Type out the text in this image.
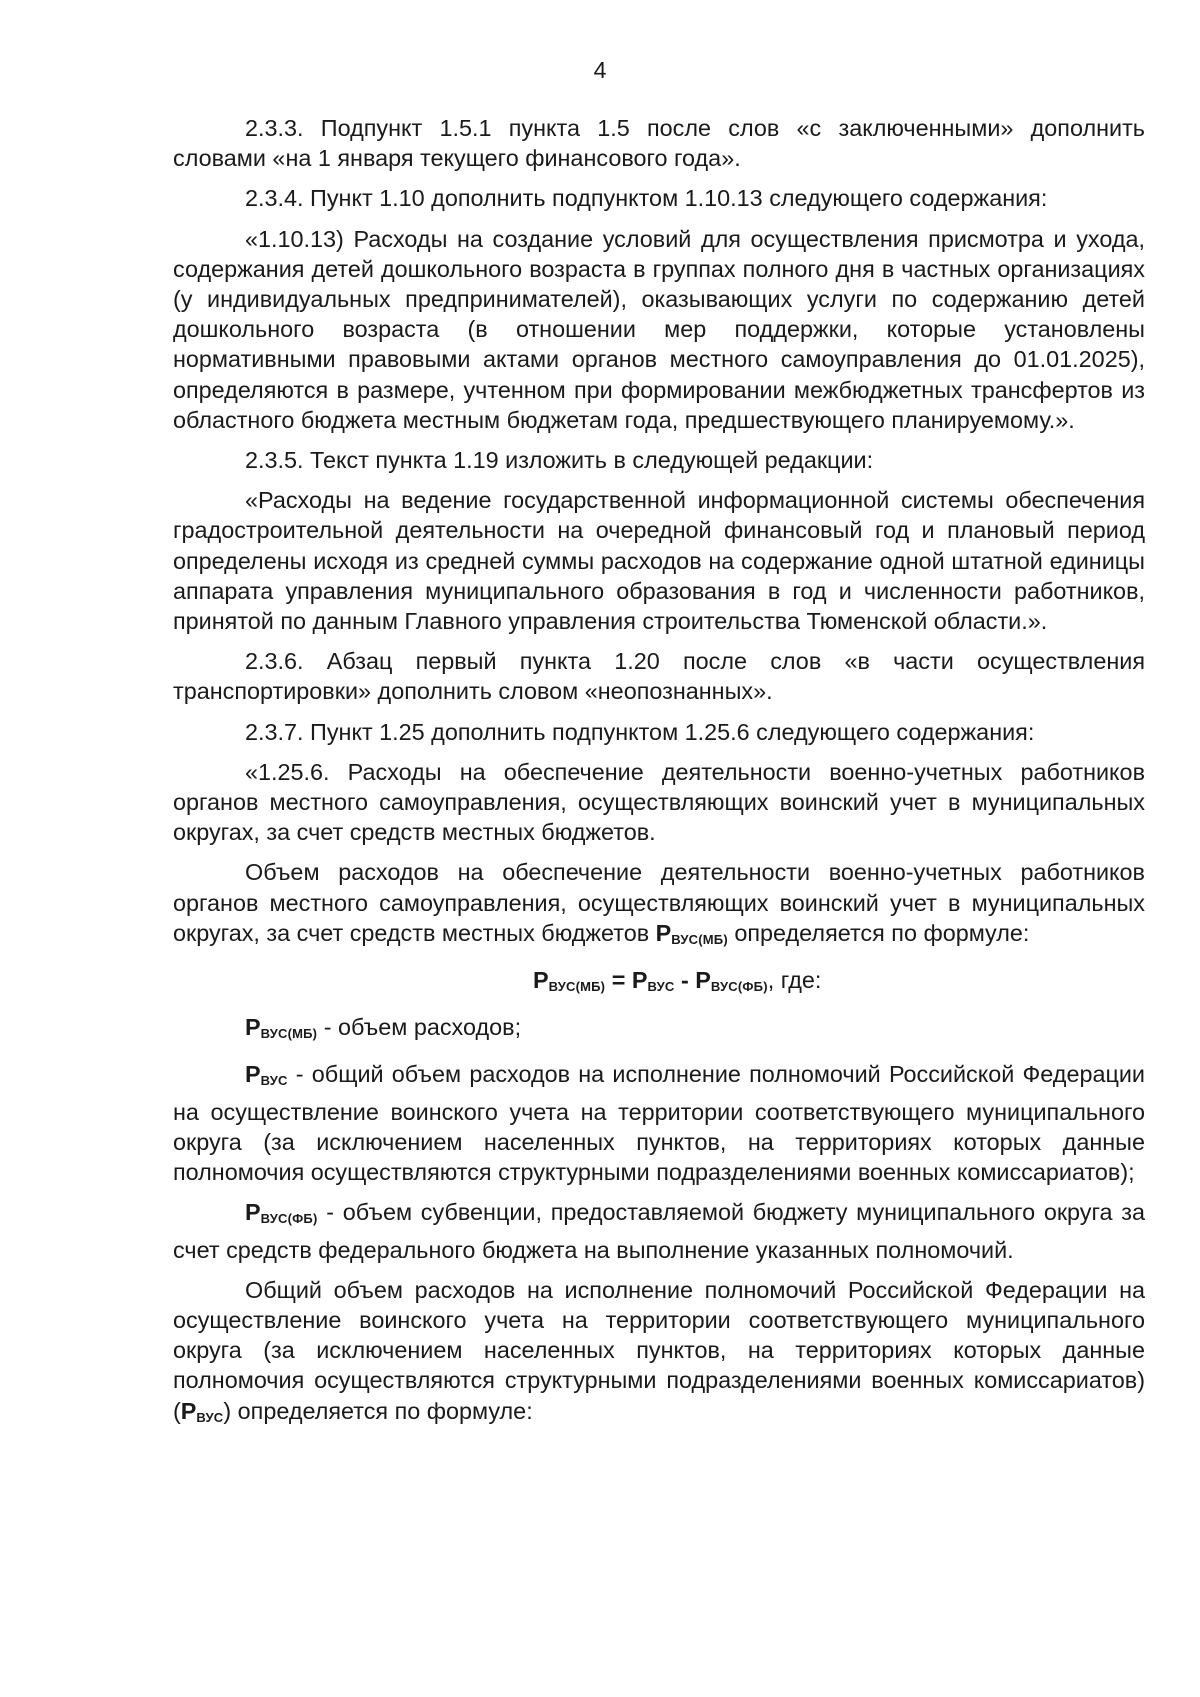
4

2.3.3. Подпункт 1.5.1 пункта 1.5 после слов «с заключенными» дополнить словами «на 1 января текущего финансового года».

2.3.4. Пункт 1.10 дополнить подпунктом 1.10.13 следующего содержания:

«1.10.13) Расходы на создание условий для осуществления присмотра и ухода, содержания детей дошкольного возраста в группах полного дня в частных организациях (у индивидуальных предпринимателей), оказывающих услуги по содержанию детей дошкольного возраста (в отношении мер поддержки, которые установлены нормативными правовыми актами органов местного самоуправления до 01.01.2025), определяются в размере, учтенном при формировании межбюджетных трансфертов из областного бюджета местным бюджетам года, предшествующего планируемому.».

2.3.5. Текст пункта 1.19 изложить в следующей редакции:

«Расходы на ведение государственной информационной системы обеспечения градостроительной деятельности на очередной финансовый год и плановый период определены исходя из средней суммы расходов на содержание одной штатной единицы аппарата управления муниципального образования в год и численности работников, принятой по данным Главного управления строительства Тюменской области.».

2.3.6. Абзац первый пункта 1.20 после слов «в части осуществления транспортировки» дополнить словом «неопознанных».

2.3.7. Пункт 1.25 дополнить подпунктом 1.25.6 следующего содержания:

«1.25.6. Расходы на обеспечение деятельности военно-учетных работников органов местного самоуправления, осуществляющих воинский учет в муниципальных округах, за счет средств местных бюджетов.

Объем расходов на обеспечение деятельности военно-учетных работников органов местного самоуправления, осуществляющих воинский учет в муниципальных округах, за счет средств местных бюджетов $Р_{ВУС(МБ)}$ определяется по формуле:

$Р_{ВУС(МБ)} = Р_{ВУС} - Р_{ВУС(ФБ)}$, где:

$Р_{ВУС(МБ)}$ - объем расходов;

$Р_{ВУС}$ - общий объем расходов на исполнение полномочий Российской Федерации на осуществление воинского учета на территории соответствующего муниципального округа (за исключением населенных пунктов, на территориях которых данные полномочия осуществляются структурными подразделениями военных комиссариатов);

$Р_{ВУС(ФБ)}$ - объем субвенции, предоставляемой бюджету муниципального округа за счет средств федерального бюджета на выполнение указанных полномочий.

Общий объем расходов на исполнение полномочий Российской Федерации на осуществление воинского учета на территории соответствующего муниципального округа (за исключением населенных пунктов, на территориях которых данные полномочия осуществляются структурными подразделениями военных комиссариатов) $(Р_{ВУС})$ определяется по формуле:
